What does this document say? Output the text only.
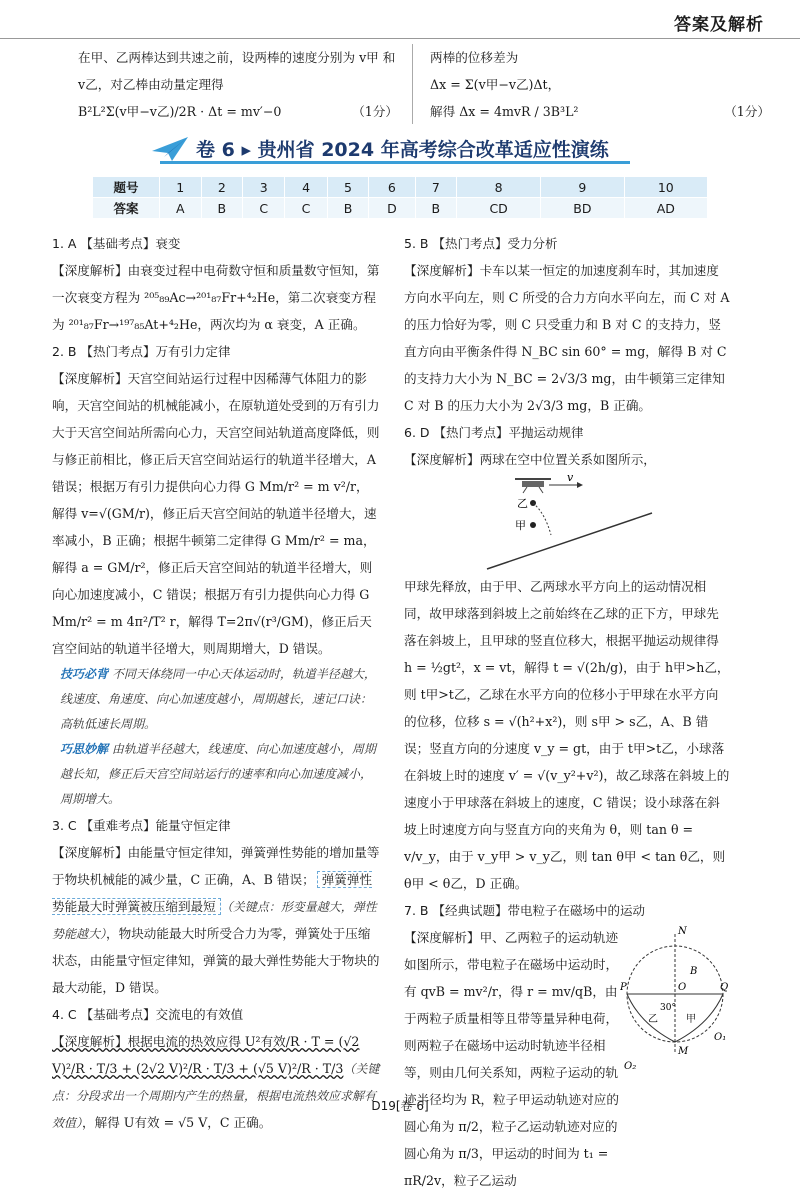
答案及解析

在甲、乙两棒达到共速之前，设两棒的速度分别为 v甲 和

v乙，对乙棒由动量定理得

B²L²Σ(v甲−v乙)/2R · Δt = mv′−0	（1分）

两棒的位移差为

Δx = Σ(v甲−v乙)Δt，

解得 Δx = 4mvR / 3B³L²	（1分）
卷 6 ▸ 贵州省 2024 年高考综合改革适应性演练
题号	1	2	3	4	5	6	7	8	9	10
答案	A	B	C	C	B	D	B	CD	BD	AD

1. A 【基础考点】衰变

【深度解析】由衰变过程中电荷数守恒和质量数守恒知，第一次衰变方程为 ²⁰⁵₈₉Ac→²⁰¹₈₇Fr+⁴₂He，第二次衰变方程为 ²⁰¹₈₇Fr→¹⁹⁷₈₅At+⁴₂He，两次均为 α 衰变，A 正确。

2. B 【热门考点】万有引力定律

【深度解析】天宫空间站运行过程中因稀薄气体阻力的影响，天宫空间站的机械能减小，在原轨道处受到的万有引力大于天宫空间站所需向心力，天宫空间站轨道高度降低，则与修正前相比，修正后天宫空间站运行的轨道半径增大，A 错误；根据万有引力提供向心力得 G Mm/r² = m v²/r，解得 v=√(GM/r)，修正后天宫空间站的轨道半径增大，速率减小，B 正确；根据牛顿第二定律得 G Mm/r² = ma，解得 a = GM/r²，修正后天宫空间站的轨道半径增大，则向心加速度减小，C 错误；根据万有引力提供向心力得 G Mm/r² = m 4π²/T² r，解得 T=2π√(r³/GM)，修正后天宫空间站的轨道半径增大，则周期增大，D 错误。

技巧必背 不同天体绕同一中心天体运动时，轨道半径越大，线速度、角速度、向心加速度越小，周期越长，速记口诀：高轨低速长周期。

巧思妙解 由轨道半径越大，线速度、向心加速度越小，周期越长知，修正后天宫空间站运行的速率和向心加速度减小，周期增大。

3. C 【重难考点】能量守恒定律

【深度解析】由能量守恒定律知，弹簧弹性势能的增加量等于物块机械能的减少量，C 正确，A、B 错误； 弹簧弹性势能最大时弹簧被压缩到最短 （关键点：形变量越大，弹性势能越大），物块动能最大时所受合力为零，弹簧处于压缩状态，由能量守恒定律知，弹簧的最大弹性势能大于物块的最大动能，D 错误。

4. C 【基础考点】交流电的有效值

【深度解析】根据电流的热效应得 U²有效/R · T = (√2 V)²/R · T/3 + (2√2 V)²/R · T/3 + (√5 V)²/R · T/3（关键点：分段求出一个周期内产生的热量，根据电流热效应求解有效值），解得 U有效 = √5 V，C 正确。

5. B 【热门考点】受力分析

【深度解析】卡车以某一恒定的加速度刹车时，其加速度方向水平向左，则 C 所受的合力方向水平向左，而 C 对 A 的压力恰好为零，则 C 只受重力和 B 对 C 的支持力，竖直方向由平衡条件得 N_BC sin 60° = mg，解得 B 对 C 的支持力大小为 N_BC = 2√3/3 mg，由牛顿第三定律知 C 对 B 的压力大小为 2√3/3 mg，B 正确。

6. D 【热门考点】平抛运动规律

【深度解析】两球在空中位置关系如图所示，

v
乙
甲

甲球先释放，由于甲、乙两球水平方向上的运动情况相同，故甲球落到斜坡上之前始终在乙球的正下方，甲球先落在斜坡上，且甲球的竖直位移大，根据平抛运动规律得 h = ½gt²，x = vt，解得 t = √(2h/g)，由于 h甲>h乙，则 t甲>t乙，乙球在水平方向的位移小于甲球在水平方向的位移，位移 s = √(h²+x²)，则 s甲 > s乙，A、B 错误；竖直方向的分速度 v_y = gt，由于 t甲>t乙，小球落在斜坡上时的速度 v′ = √(v_y²+v²)，故乙球落在斜坡上的速度小于甲球落在斜坡上的速度，C 错误；设小球落在斜坡上时速度方向与竖直方向的夹角为 θ，则 tan θ = v/v_y，由于 v_y甲 > v_y乙，则 tan θ甲 < tan θ乙，则 θ甲 < θ乙，D 正确。

7. B 【经典试题】带电粒子在磁场中的运动

【深度解析】甲、乙两粒子的运动轨迹如图所示，带电粒子在磁场中运动时，有 qvB = mv²/r，得 r = mv/qB，由于两粒子质量相等且带等量异种电荷，则两粒子在磁场中运动时轨迹半径相等，则由几何关系知，两粒子运动的轨迹半径均为 R，粒子甲运动轨迹对应的圆心角为 π/2，粒子乙运动轨迹对应的圆心角为 π/3，甲运动的时间为 t₁ = πR/2v，粒子乙运动

N
O
B
P	Q
M
O₁
O₂
30°
乙	甲
D19[卷 6]
